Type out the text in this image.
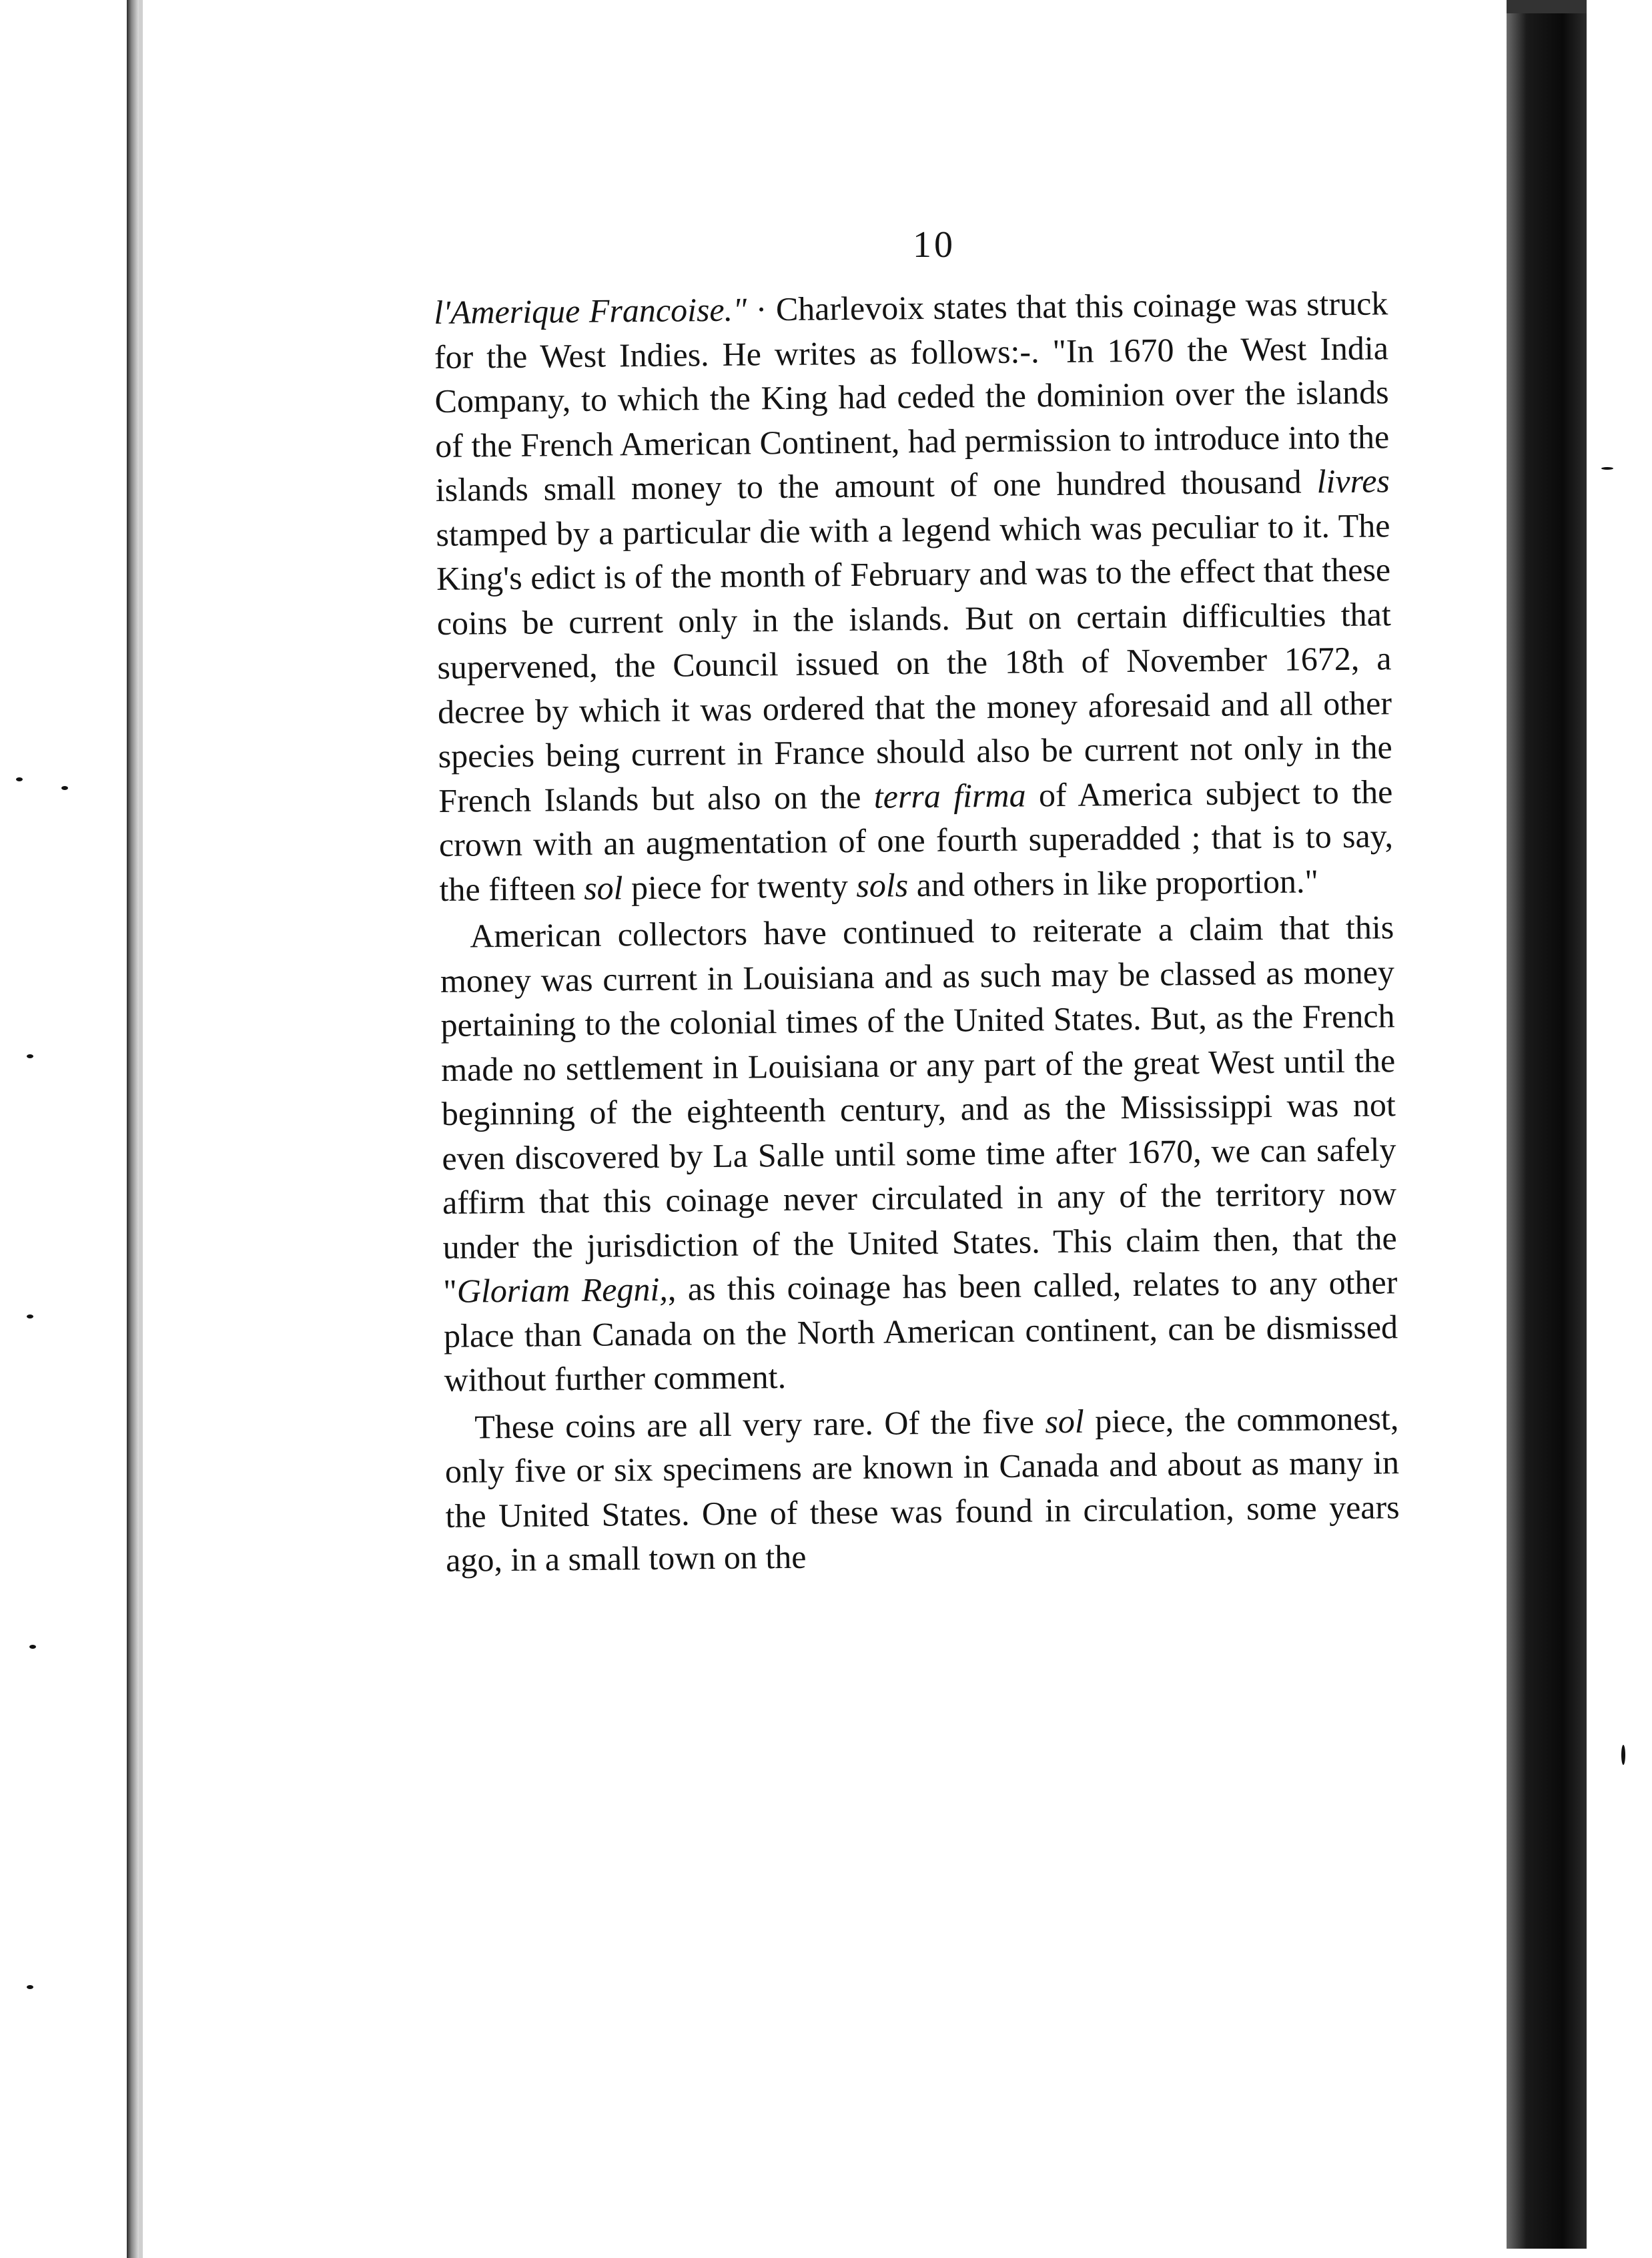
10

l'Amerique Francoise." · Charlevoix states that this coinage was struck for the West Indies. He writes as follows:-. "In 1670 the West India Company, to which the King had ceded the dominion over the islands of the French American Continent, had permission to introduce into the islands small money to the amount of one hundred thousand livres stamped by a particular die with a legend which was peculiar to it. The King's edict is of the month of February and was to the effect that these coins be current only in the islands. But on certain difficulties that supervened, the Council issued on the 18th of November 1672, a decree by which it was ordered that the money aforesaid and all other species being current in France should also be current not only in the French Islands but also on the terra firma of America subject to the crown with an augmentation of one fourth superadded ; that is to say, the fifteen sol piece for twenty sols and others in like proportion."

American collectors have continued to reiterate a claim that this money was current in Louisiana and as such may be classed as money pertaining to the colonial times of the United States. But, as the French made no settlement in Louisiana or any part of the great West until the beginning of the eighteenth century, and as the Mississippi was not even discovered by La Salle until some time after 1670, we can safely affirm that this coinage never circulated in any of the territory now under the jurisdiction of the United States. This claim then, that the "Gloriam Regni,, as this coinage has been called, relates to any other place than Canada on the North American continent, can be dismissed without further comment.

These coins are all very rare. Of the five sol piece, the commonest, only five or six specimens are known in Canada and about as many in the United States. One of these was found in circulation, some years ago, in a small town on the
